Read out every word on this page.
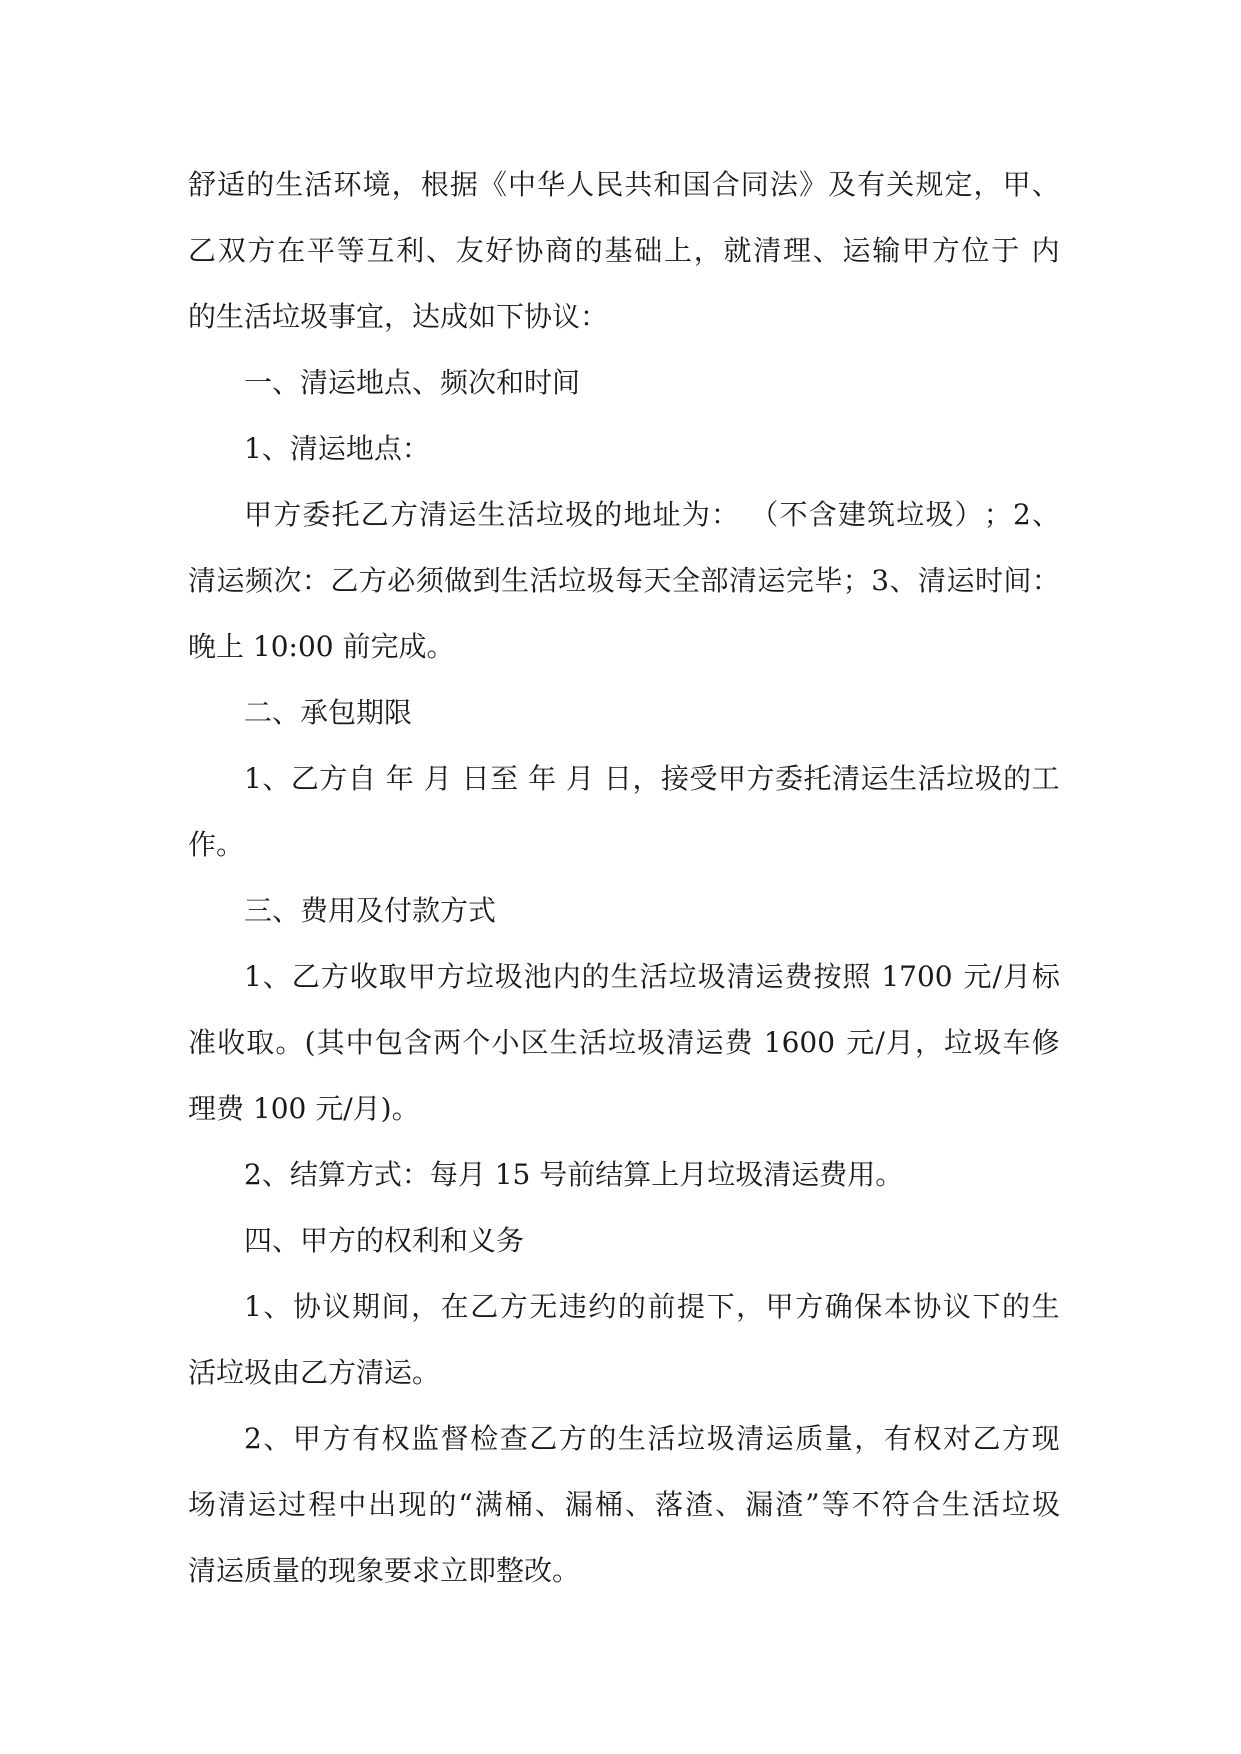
舒 适 的 生 活 环 境 ， 根 据 《 中 华 人 民 共 和 国 合 同 法 》 及 有 关 规 定 ， 甲 、
乙 双 方 在 平 等 互 利 、 友 好 协 商 的 基 础 上 ， 就 清 理 、 运 输 甲 方 位 于
内
的生活垃圾事宜，达成如下协议：
一、清运地点、频次和时间
1、清运地点：
甲 方 委 托 乙 方 清 运 生 活 垃 圾 的 地 址 为 ：
（ 不 含 建 筑 垃 圾 ） ； 2 、
清 运 频 次 ： 乙 方 必 须 做 到 生 活 垃 圾 每 天 全 部 清 运 完 毕 ； 3 、 清 运 时 间 ：
晚上 10:00 前完成。
二、承包期限
1 、 乙 方 自
年
月
日 至
年
月
日 ， 接 受 甲 方 委 托 清 运 生 活 垃 圾 的 工
作。
三、费用及付款方式
1 、 乙 方 收 取 甲 方 垃 圾 池 内 的 生 活 垃 圾 清 运 费 按 照
1700
元 / 月 标
准 收 取 。 ( 其 中 包 含 两 个 小 区 生 活 垃 圾 清 运 费
1600
元 / 月 ， 垃 圾 车 修
理费 100 元/月)。
2、结算方式：每月 15 号前结算上月垃圾清运费用。
四、甲方的权利和义务
1 、 协 议 期 间 ， 在 乙 方 无 违 约 的 前 提 下 ， 甲 方 确 保 本 协 议 下 的 生
活垃圾由乙方清运。
2 、 甲 方 有 权 监 督 检 查 乙 方 的 生 活 垃 圾 清 运 质 量 ， 有 权 对 乙 方 现
场 清 运 过 程 中 出 现 的 “ 满 桶 、 漏 桶 、 落 渣 、 漏 渣 ” 等 不 符 合 生 活 垃 圾
清运质量的现象要求立即整改。
